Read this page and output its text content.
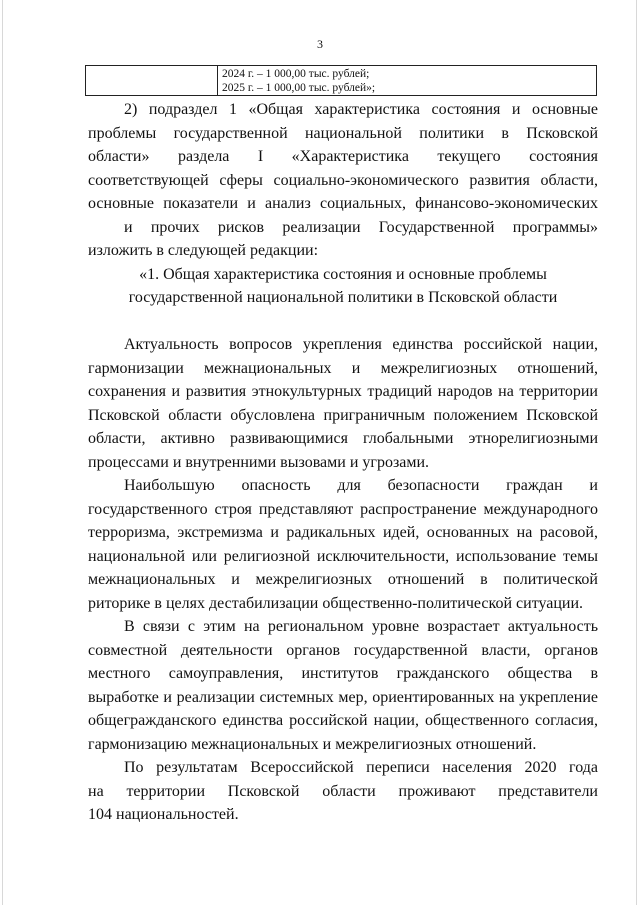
3
2024 г. – 1 000,00 тыс. рублей;
2025 г. – 1 000,00 тыс. рублей»;
2) подраздел 1 «Общая характеристика состояния и основные
проблемы государственной национальной политики в Псковской
области» раздела I «Характеристика текущего состояния
соответствующей сферы социально-экономического развития области,
основные показатели и анализ социальных, финансово-экономических
и прочих рисков реализации Государственной программы»
изложить в следующей редакции:
«1. Общая характеристика состояния и основные проблемы
государственной национальной политики в Псковской области
Актуальность вопросов укрепления единства российской нации,
гармонизации межнациональных и межрелигиозных отношений,
сохранения и развития этнокультурных традиций народов на территории
Псковской области обусловлена приграничным положением Псковской
области, активно развивающимися глобальными этнорелигиозными
процессами и внутренними вызовами и угрозами.
Наибольшую опасность для безопасности граждан и
государственного строя представляют распространение международного
терроризма, экстремизма и радикальных идей, основанных на расовой,
национальной или религиозной исключительности, использование темы
межнациональных и межрелигиозных отношений в политической
риторике в целях дестабилизации общественно-политической ситуации.
В связи с этим на региональном уровне возрастает актуальность
совместной деятельности органов государственной власти, органов
местного самоуправления, институтов гражданского общества в
выработке и реализации системных мер, ориентированных на укрепление
общегражданского единства российской нации, общественного согласия,
гармонизацию межнациональных и межрелигиозных отношений.
По результатам Всероссийской переписи населения 2020 года
на территории Псковской области проживают представители
104 национальностей.
